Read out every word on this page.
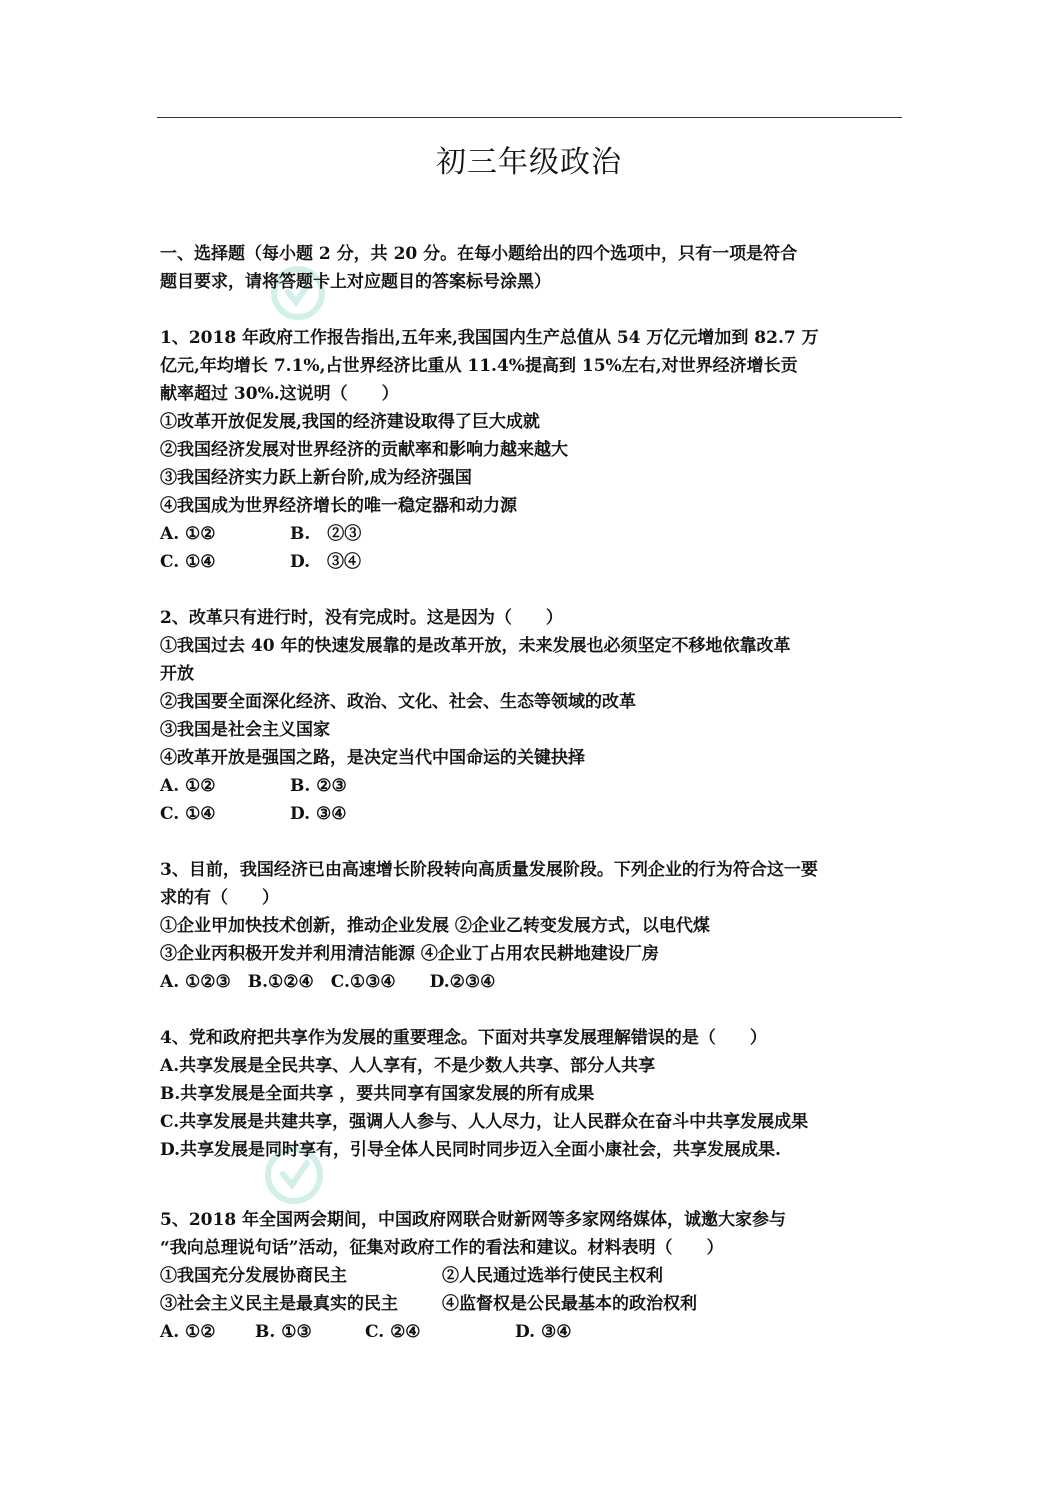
初三年级政治
一、选择题（每小题 2 分，共 20 分。在每小题给出的四个选项中，只有一项是符合
题目要求，请将答题卡上对应题目的答案标号涂黑）
1、2018 年政府工作报告指出,五年来,我国国内生产总值从 54 万亿元增加到 82.7 万
亿元,年均增长 7.1%,占世界经济比重从 11.4%提高到 15%左右,对世界经济增长贡
献率超过 30%.这说明（　　）
①改革开放促发展,我国的经济建设取得了巨大成就
②我国经济发展对世界经济的贡献率和影响力越来越大
③我国经济实力跃上新台阶,成为经济强国
④我国成为世界经济增长的唯一稳定器和动力源
A. ①②	B.　②③
C. ①④	D.　③④
2、改革只有进行时，没有完成时。这是因为（　　）
①我国过去 40 年的快速发展靠的是改革开放，未来发展也必须坚定不移地依靠改革
开放
②我国要全面深化经济、政治、文化、社会、生态等领域的改革
③我国是社会主义国家
④改革开放是强国之路，是决定当代中国命运的关键抉择
A. ①②	B. ②③
C. ①④	D. ③④
3、目前，我国经济已由高速增长阶段转向高质量发展阶段。下列企业的行为符合这一要
求的有（　　）
①企业甲加快技术创新，推动企业发展 ②企业乙转变发展方式，以电代煤
③企业丙积极开发并利用清洁能源 ④企业丁占用农民耕地建设厂房
A. ①②③　B.①②④　C.①③④　　D.②③④
4、党和政府把共享作为发展的重要理念。下面对共享发展理解错误的是（　　）
A.共享发展是全民共享、人人享有，不是少数人共享、部分人共享
B.共享发展是全面共享 ，要共同享有国家发展的所有成果
C.共享发展是共建共享，强调人人参与、人人尽力，让人民群众在奋斗中共享发展成果
D.共享发展是同时享有，引导全体人民同时同步迈入全面小康社会，共享发展成果.
5、2018 年全国两会期间，中国政府网联合财新网等多家网络媒体，诚邀大家参与
“我向总理说句话”活动，征集对政府工作的看法和建议。材料表明（　　）
①我国充分发展协商民主	②人民通过选举行使民主权利
③社会主义民主是最真实的民主	④监督权是公民最基本的政治权利
A. ①②	B. ①③	C. ②④	D. ③④
